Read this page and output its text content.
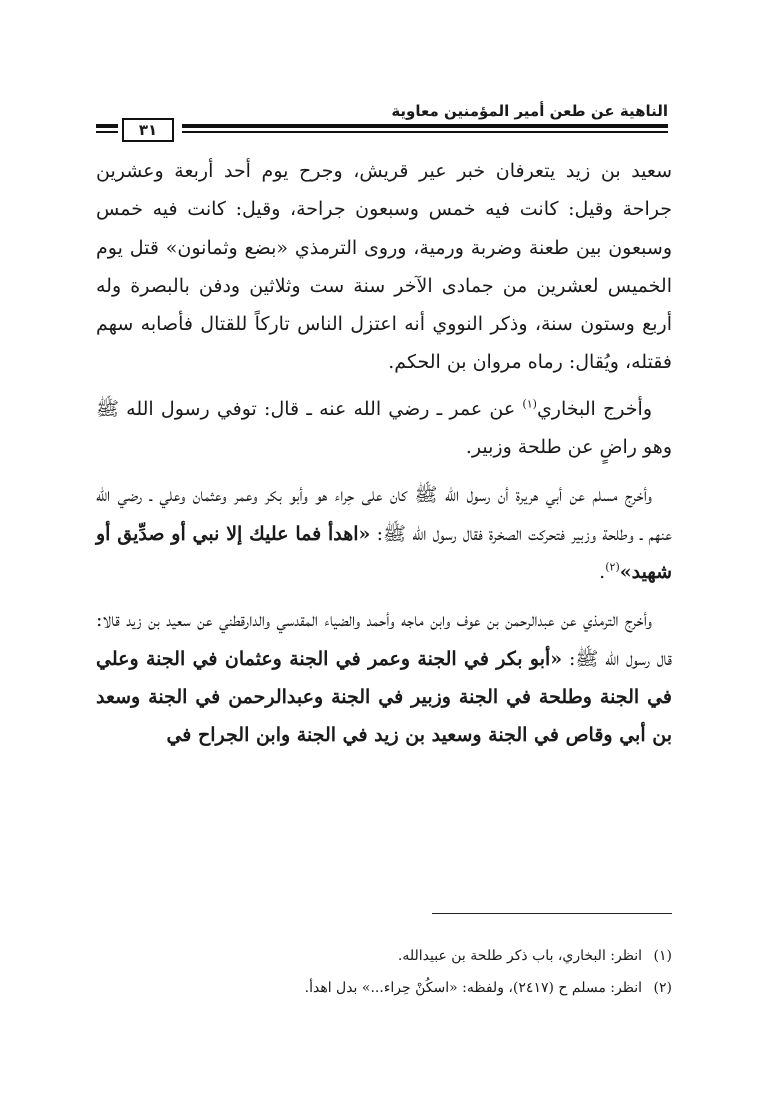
الناهية عن طعن أمير المؤمنين معاوية
٣١

سعيد بن زيد يتعرفان خبر عير قريش، وجرح يوم أحد أربعة وعشرين جراحة وقيل: كانت فيه خمس وسبعون جراحة، وقيل: كانت فيه خمس وسبعون بين طعنة وضربة ورمية، وروى الترمذي «بضع وثمانون» قتل يوم الخميس لعشرين من جمادى الآخر سنة ست وثلاثين ودفن بالبصرة وله أربع وستون سنة، وذكر النووي أنه اعتزل الناس تاركاً للقتال فأصابه سهم فقتله، ويُقال: رماه مروان بن الحكم.

وأخرج البخاري$^{(١)}$ عن عمر ـ رضي الله عنه ـ قال: توفي رسول الله ﷺ وهو راضٍ عن طلحة وزبير.

وأخرج مسلم عن أبي هريرة أن رسول الله ﷺ كان على حِراء هو وأبو بكر وعمر وعثمان وعلي ـ رضي الله عنهم ـ وطلحة وزبير فتحركت الصخرة فقال رسول الله ﷺ: «اهدأ فما عليك إلا نبي أو صدِّيق أو شهيد»$^{(٢)}$.

وأخرج الترمذي عن عبدالرحمن بن عوف وابن ماجه وأحمد والضياء المقدسي والدارقطني عن سعيد بن زيد قالا: قال رسول الله ﷺ: «أبو بكر في الجنة وعمر في الجنة وعثمان في الجنة وعلي في الجنة وطلحة في الجنة وزبير في الجنة وعبدالرحمن في الجنة وسعد بن أبي وقاص في الجنة وسعيد بن زيد في الجنة وابن الجراح في

(١)انظر: البخاري، باب ذكر طلحة بن عبيدالله.
(٢)انظر: مسلم ح (٢٤١٧)، ولفظه: «اسكُنْ حِراء...» بدل اهدأ.
